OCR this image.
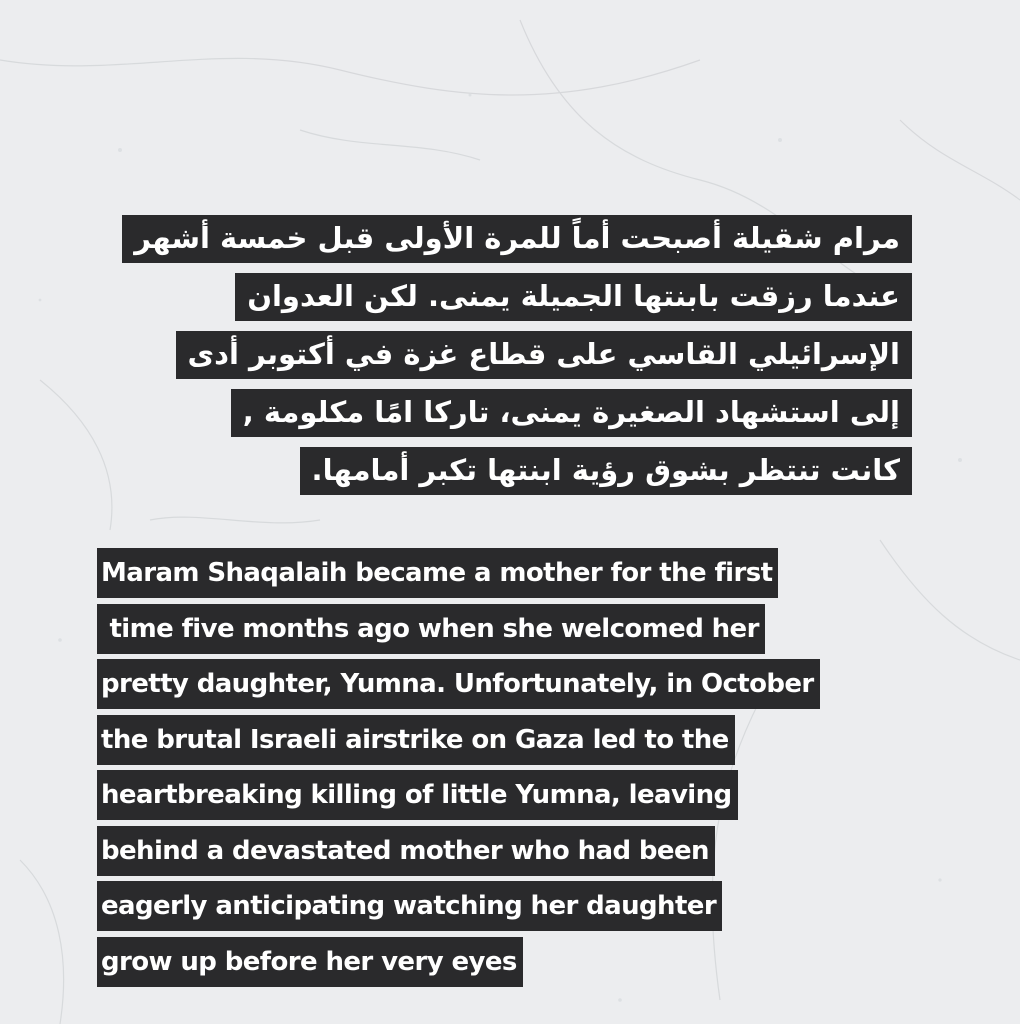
مرام شقيلة أصبحت أماً للمرة الأولى قبل خمسة أشهر
عندما رزقت بابنتها الجميلة يمنى. لكن العدوان
الإسرائيلي القاسي على قطاع غزة في أكتوبر أدى
إلى استشهاد الصغيرة يمنى، تاركا امًا مكلومة ,
كانت تنتظر بشوق رؤية ابنتها تكبر أمامها.
Maram Shaqalaih became a mother for the first
time five months ago when she welcomed her
pretty daughter, Yumna. Unfortunately, in October
the brutal Israeli airstrike on Gaza led to the
heartbreaking killing of little Yumna, leaving
behind a devastated mother who had been
eagerly anticipating watching her daughter
grow up before her very eyes
